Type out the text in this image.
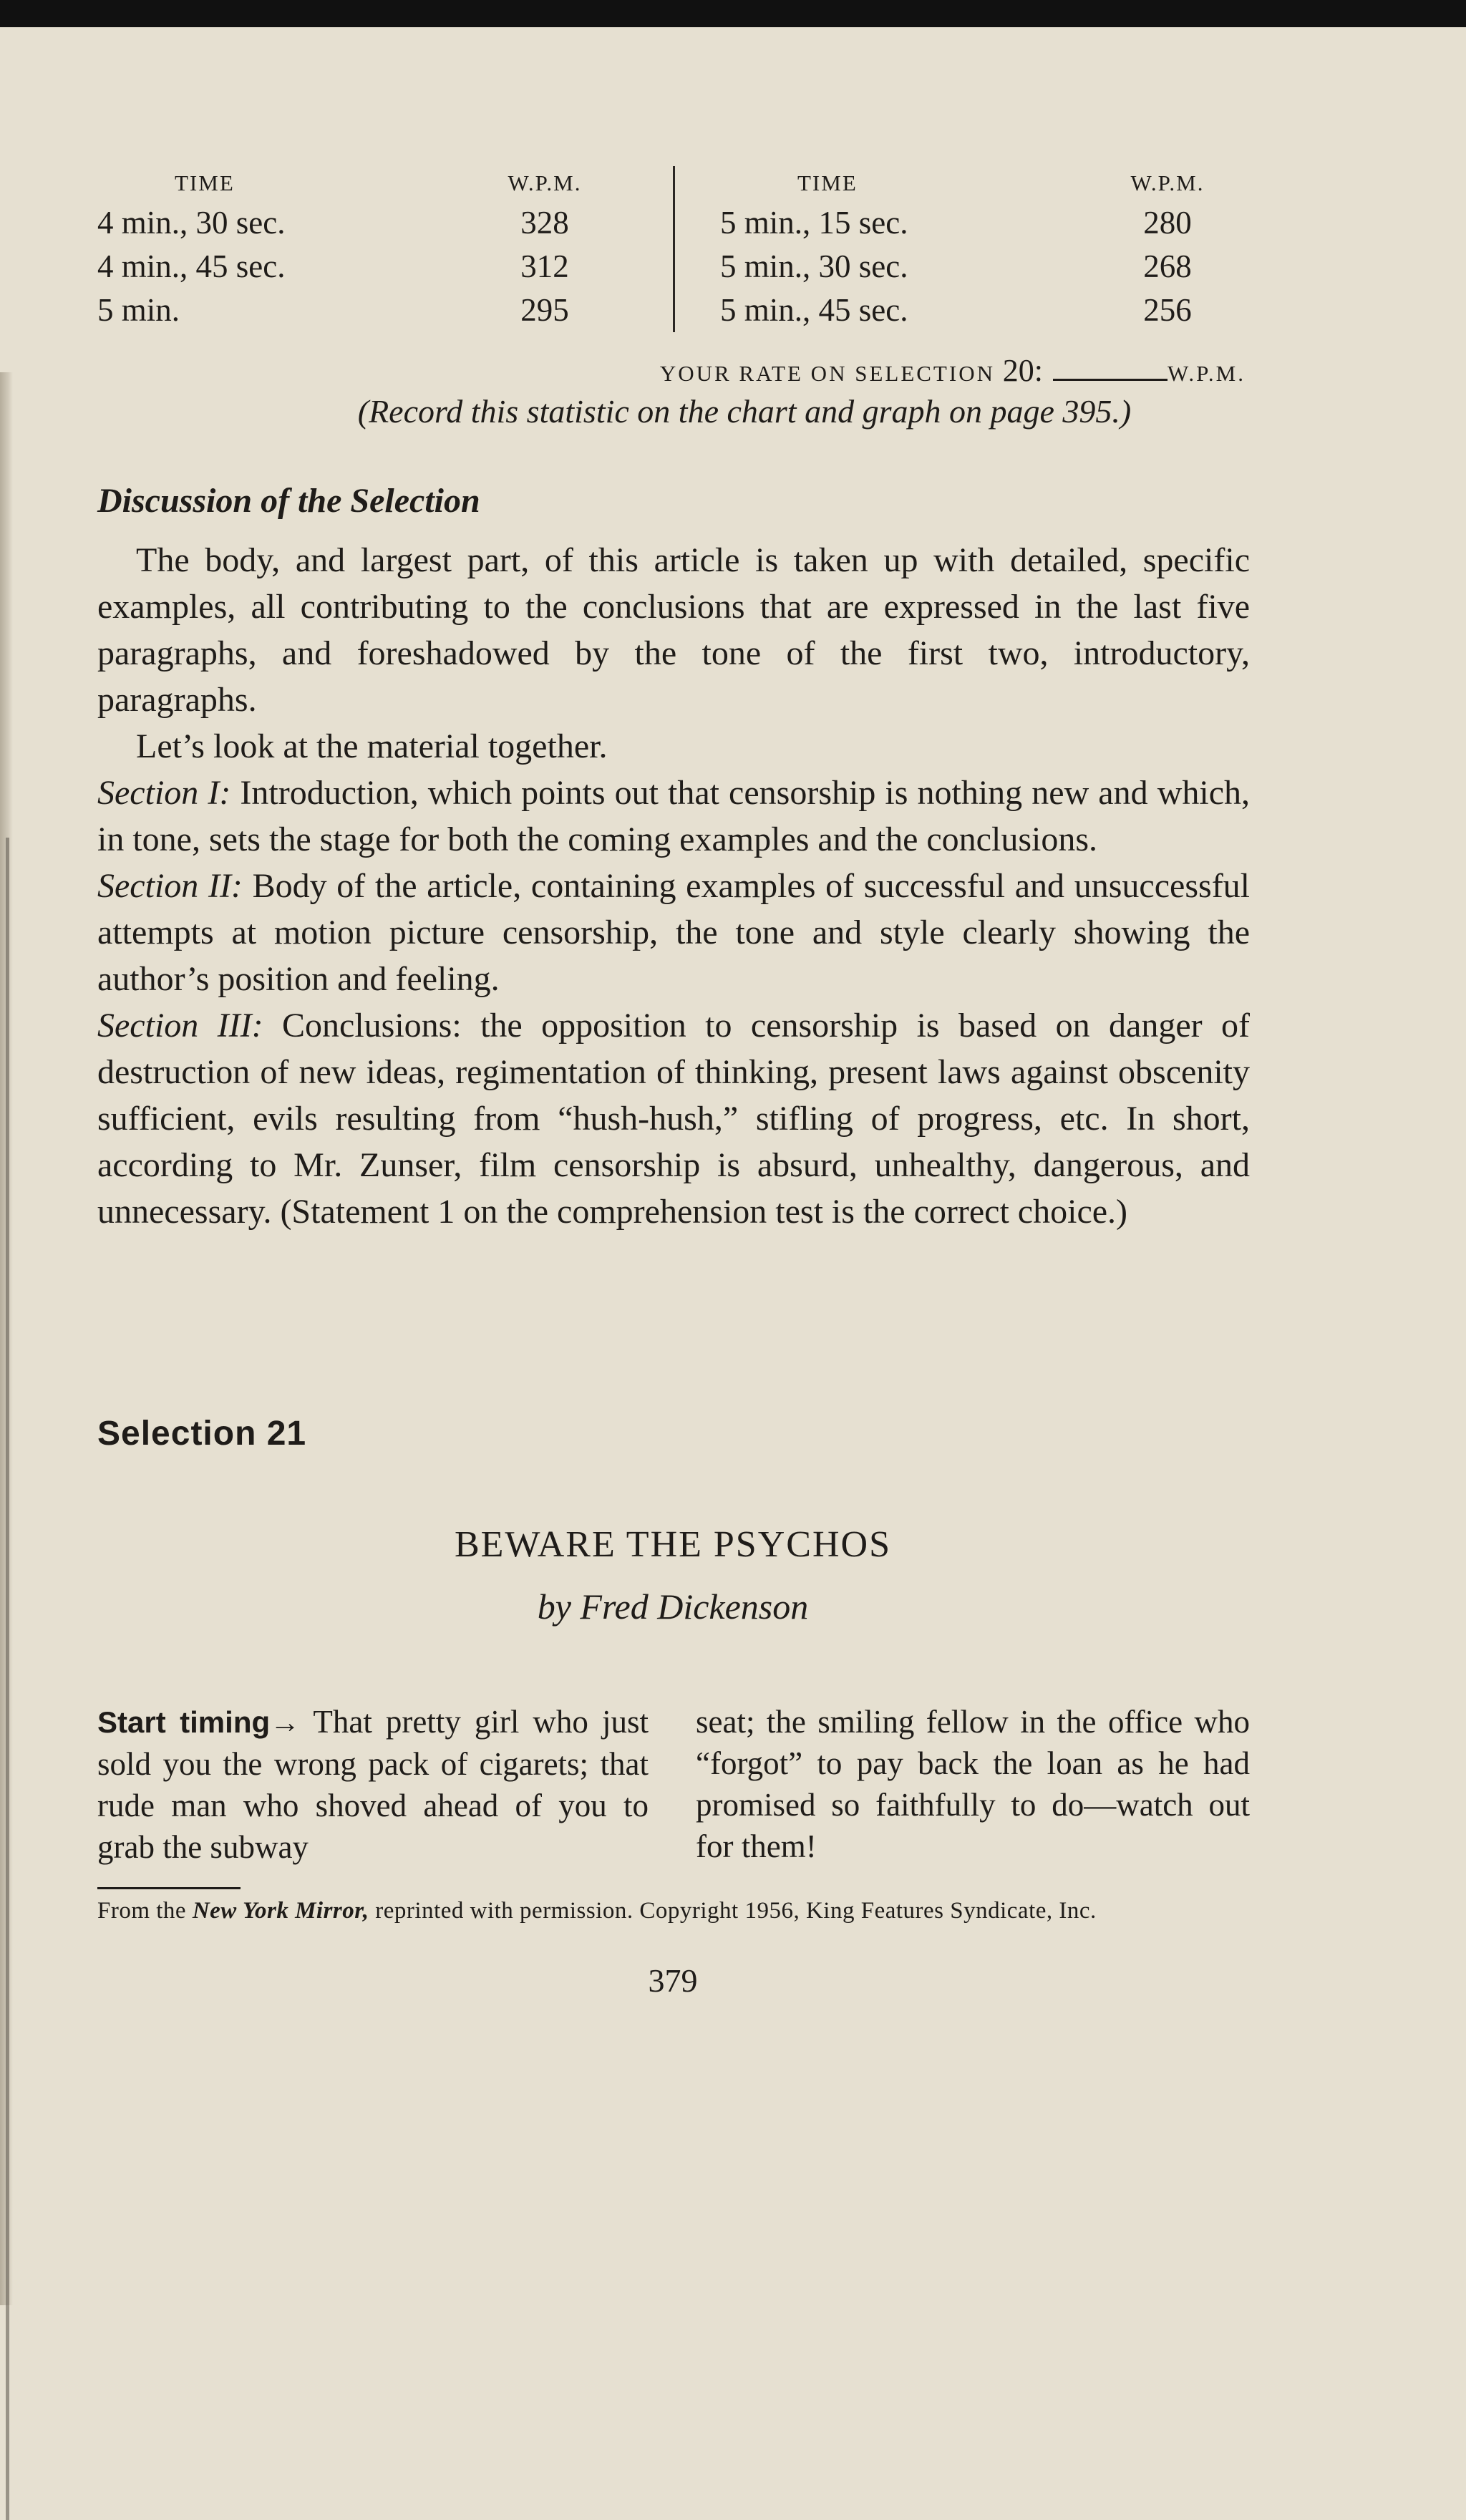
TIME	W.P.M.
4 min., 30 sec.	328
4 min., 45 sec.	312
5 min.	295
TIME	W.P.M.
5 min., 15 sec.	280
5 min., 30 sec.	268
5 min., 45 sec.	256
YOUR RATE ON SELECTION 20:	W.P.M.
(Record this statistic on the chart and graph on page 395.)
Discussion of the Selection

The body, and largest part, of this article is taken up with detailed, specific examples, all contributing to the conclusions that are expressed in the last five paragraphs, and foreshadowed by the tone of the first two, introductory, paragraphs.

Let’s look at the material together.

Section I: Introduction, which points out that censorship is nothing new and which, in tone, sets the stage for both the coming examples and the conclusions.

Section II: Body of the article, containing examples of successful and unsuccessful attempts at motion picture censorship, the tone and style clearly showing the author’s position and feeling.

Section III: Conclusions: the opposition to censorship is based on danger of destruction of new ideas, regimentation of thinking, present laws against obscenity sufficient, evils resulting from “hush-hush,” stifling of progress, etc. In short, according to Mr. Zunser, film censorship is absurd, unhealthy, dangerous, and unnecessary. (Statement 1 on the comprehension test is the correct choice.)

Selection 21
BEWARE THE PSYCHOS
by Fred Dickenson
Start timing→ That pretty girl who just sold you the wrong pack of cigarets; that rude man who shoved ahead of you to grab the subway
seat; the smiling fellow in the office who “forgot” to pay back the loan as he had promised so faithfully to do—watch out for them!
From the New York Mirror, reprinted with permission. Copyright 1956, King Features Syndicate, Inc.
379
